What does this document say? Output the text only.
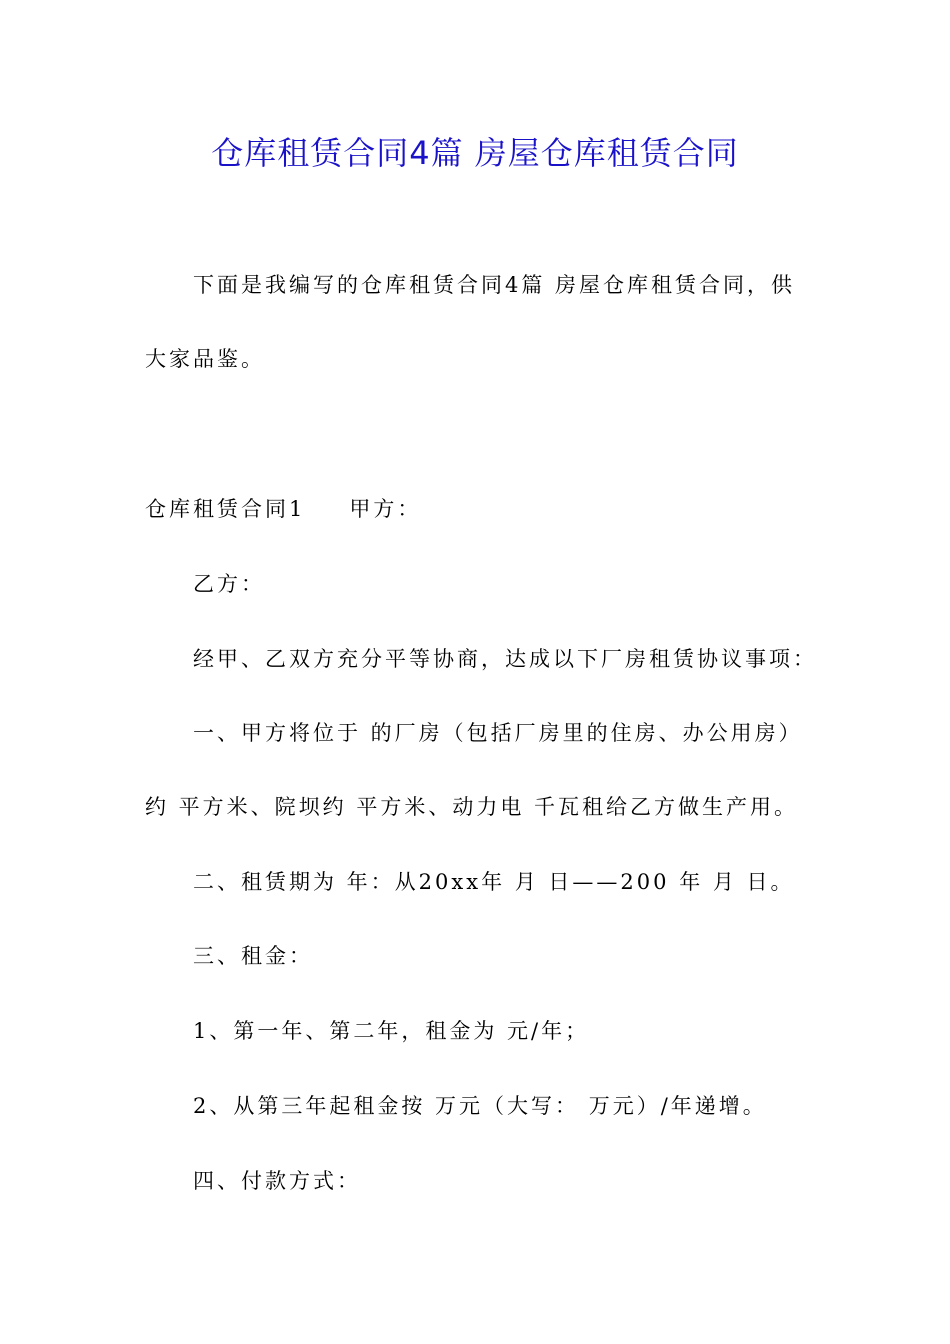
仓库租赁合同4篇 房屋仓库租赁合同
下面是我编写的仓库租赁合同4篇 房屋仓库租赁合同，供
大家品鉴。
仓库租赁合同1 甲方：
乙方：
经甲、乙双方充分平等协商，达成以下厂房租赁协议事项：
一、甲方将位于 的厂房（包括厂房里的住房、办公用房）
约 平方米、院坝约 平方米、动力电 千瓦租给乙方做生产用。
二、租赁期为 年：从20xx年 月 日——200 年 月 日。
三、租金：
1、第一年、第二年，租金为 元/年；
2、从第三年起租金按 万元（大写： 万元）/年递增。
四、付款方式：
